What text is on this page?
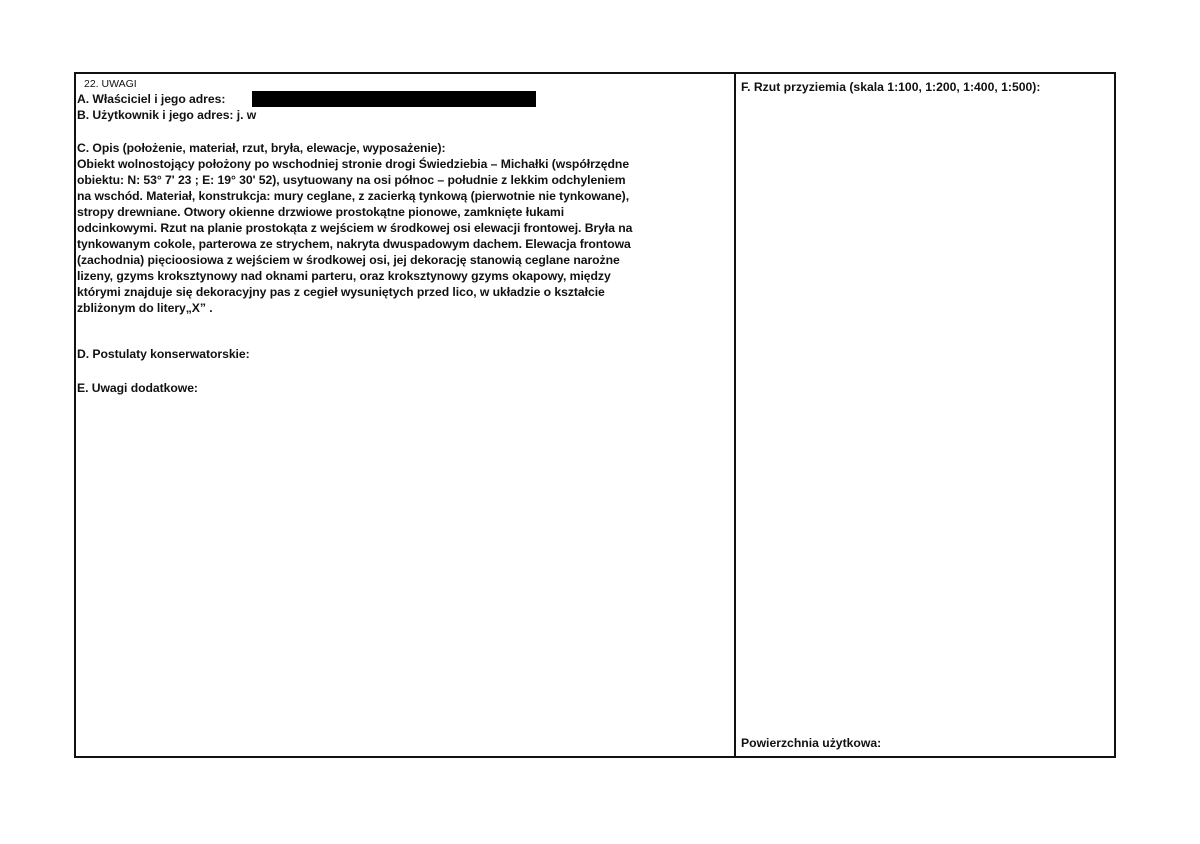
22. UWAGI
A. Właściciel i jego adres:
B. Użytkownik i jego adres: j. w
C. Opis (położenie, materiał, rzut, bryła, elewacje, wyposażenie):
Obiekt wolnostojący położony po wschodniej stronie drogi Świedziebia – Michałki (współrzędne
obiektu: N: 53° 7' 23 ; E: 19° 30' 52), usytuowany na osi północ – południe z lekkim odchyleniem
na wschód. Materiał, konstrukcja: mury ceglane, z zacierką tynkową (pierwotnie nie tynkowane),
stropy drewniane. Otwory okienne drzwiowe prostokątne pionowe, zamknięte łukami
odcinkowymi. Rzut na planie prostokąta z wejściem w środkowej osi elewacji frontowej. Bryła na
tynkowanym cokole, parterowa ze strychem, nakryta dwuspadowym dachem. Elewacja frontowa
(zachodnia) pięcioosiowa z wejściem w środkowej osi, jej dekorację stanowią ceglane narożne
lizeny, gzyms kroksztynowy nad oknami parteru, oraz kroksztynowy gzyms okapowy, między
którymi znajduje się dekoracyjny pas z cegieł wysuniętych przed lico, w układzie o kształcie
zbliżonym do litery„X” .
D. Postulaty konserwatorskie:
E. Uwagi dodatkowe:
F. Rzut przyziemia (skala 1:100, 1:200, 1:400, 1:500):
Powierzchnia użytkowa:
